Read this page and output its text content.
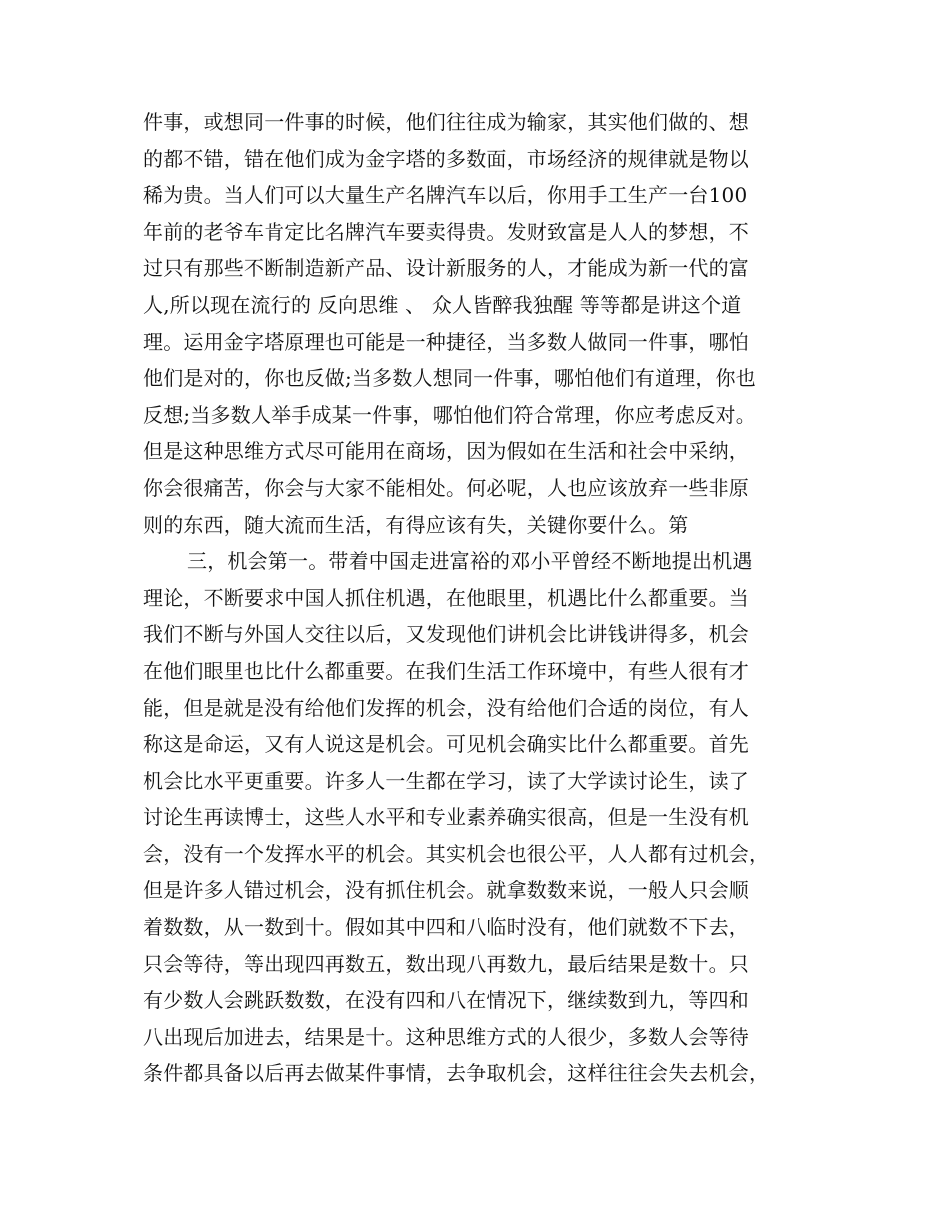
件事，或想同一件事的时候，他们往往成为输家，其实他们做的、想
的都不错，错在他们成为金字塔的多数面，市场经济的规律就是物以
稀为贵。当人们可以大量生产名牌汽车以后，你用手工生产一台100
年前的老爷车肯定比名牌汽车要卖得贵。发财致富是人人的梦想，不
过只有那些不断制造新产品、设计新服务的人，才能成为新一代的富
人,所以现在流行的 反向思维 、 众人皆醉我独醒 等等都是讲这个道
理。运用金字塔原理也可能是一种捷径，当多数人做同一件事，哪怕
他们是对的，你也反做;当多数人想同一件事，哪怕他们有道理，你也
反想;当多数人举手成某一件事，哪怕他们符合常理，你应考虑反对。
但是这种思维方式尽可能用在商场，因为假如在生活和社会中采纳，
你会很痛苦，你会与大家不能相处。何必呢，人也应该放弃一些非原
则的东西，随大流而生活，有得应该有失，关键你要什么。第
三，机会第一。带着中国走进富裕的邓小平曾经不断地提出机遇
理论，不断要求中国人抓住机遇，在他眼里，机遇比什么都重要。当
我们不断与外国人交往以后，又发现他们讲机会比讲钱讲得多，机会
在他们眼里也比什么都重要。在我们生活工作环境中，有些人很有才
能，但是就是没有给他们发挥的机会，没有给他们合适的岗位，有人
称这是命运，又有人说这是机会。可见机会确实比什么都重要。首先
机会比水平更重要。许多人一生都在学习，读了大学读讨论生，读了
讨论生再读博士，这些人水平和专业素养确实很高，但是一生没有机
会，没有一个发挥水平的机会。其实机会也很公平，人人都有过机会，
但是许多人错过机会，没有抓住机会。就拿数数来说，一般人只会顺
着数数，从一数到十。假如其中四和八临时没有，他们就数不下去，
只会等待，等出现四再数五，数出现八再数九，最后结果是数十。只
有少数人会跳跃数数，在没有四和八在情况下，继续数到九，等四和
八出现后加进去，结果是十。这种思维方式的人很少，多数人会等待
条件都具备以后再去做某件事情，去争取机会，这样往往会失去机会，
